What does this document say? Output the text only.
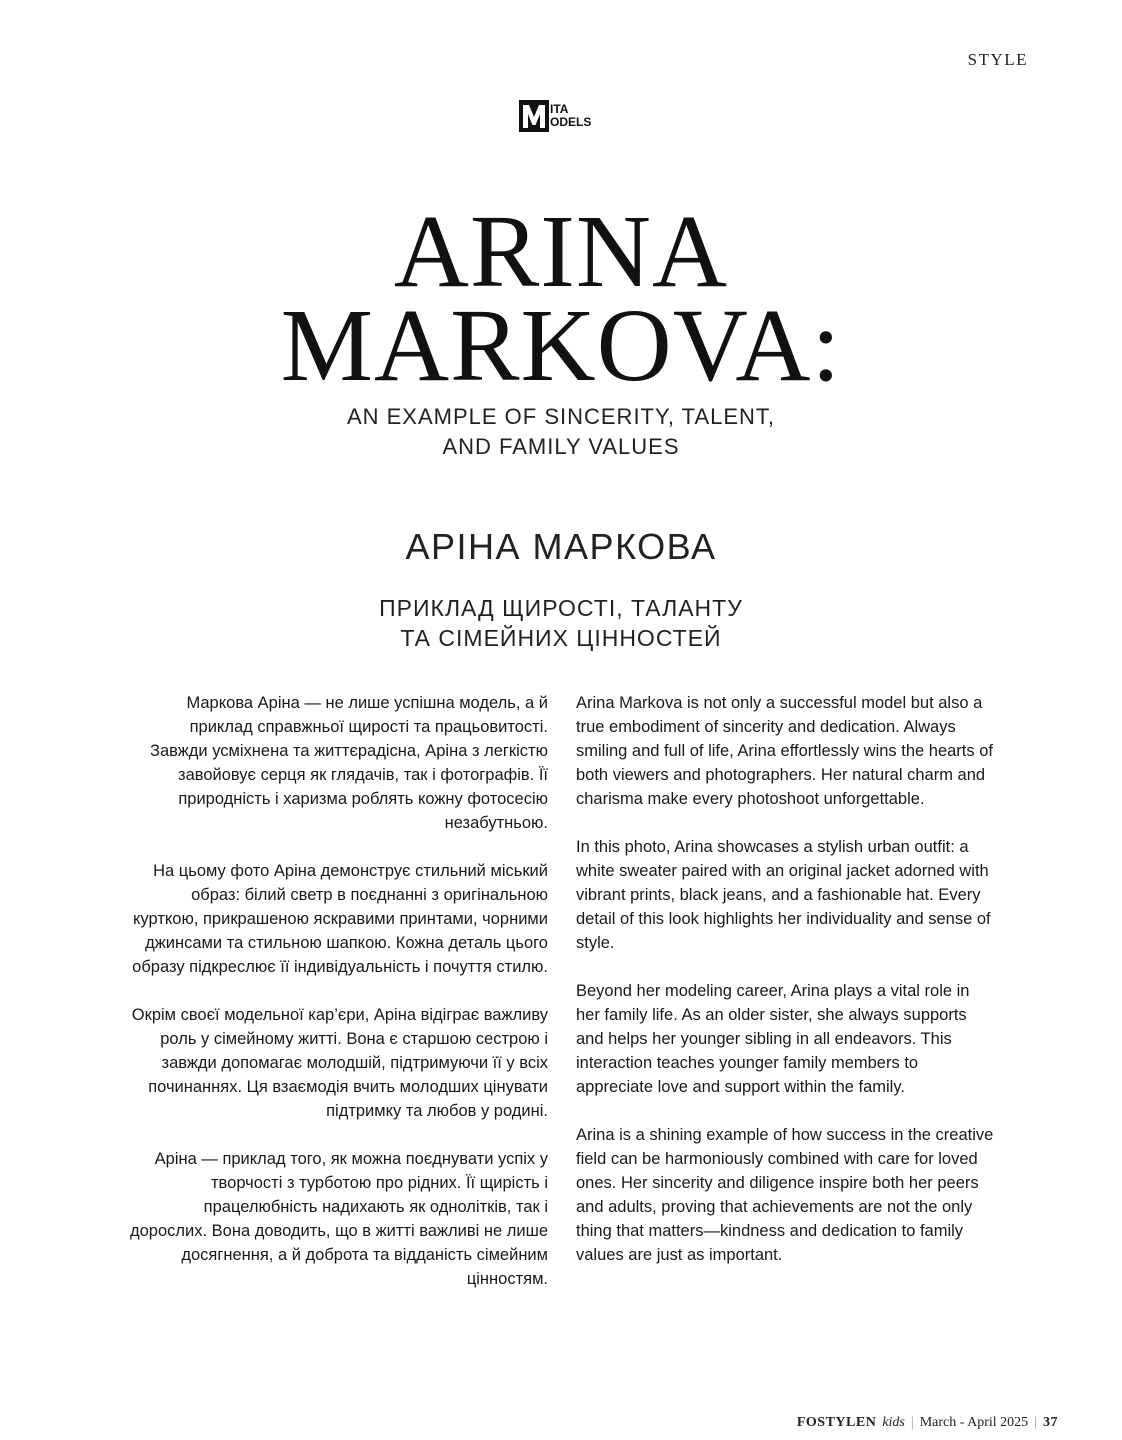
STYLE
ITA
ODELS
ARINA
MARKOVA:
AN EXAMPLE OF SINCERITY, TALENT,
AND FAMILY VALUES
АРІНА МАРКОВА
ПРИКЛАД ЩИРОСТІ, ТАЛАНТУ
ТА СІМЕЙНИХ ЦІННОСТЕЙ

Маркова Аріна — не лише успішна модель, а й приклад справжньої щирості та працьовитості. Завжди усміхнена та життєрадісна, Аріна з легкістю завойовує серця як глядачів, так і фотографів. Її природність і харизма роблять кожну фотосесію незабутньою.

На цьому фото Аріна демонструє стильний міський образ: білий светр в поєднанні з оригінальною курткою, прикрашеною яскравими принтами, чорними джинсами та стильною шапкою. Кожна деталь цього образу підкреслює її індивідуальність і почуття стилю.

Окрім своєї модельної кар’єри, Аріна відіграє важливу роль у сімейному житті. Вона є старшою сестрою і завжди допомагає молодшій, підтримуючи її у всіх починаннях. Ця взаємодія вчить молодших цінувати підтримку та любов у родині.

Аріна — приклад того, як можна поєднувати успіх у творчості з турботою про рідних. Її щирість і працелюбність надихають як однолітків, так і дорослих. Вона доводить, що в житті важливі не лише досягнення, а й доброта та відданість сімейним цінностям.

Arina Markova is not only a successful model but also a true embodiment of sincerity and dedication. Always smiling and full of life, Arina effortlessly wins the hearts of both viewers and photographers. Her natural charm and charisma make every photoshoot unforgettable.

In this photo, Arina showcases a stylish urban outfit: a white sweater paired with an original jacket adorned with vibrant prints, black jeans, and a fashionable hat. Every detail of this look highlights her individuality and sense of style.

Beyond her modeling career, Arina plays a vital role in her family life. As an older sister, she always supports and helps her younger sibling in all endeavors. This interaction teaches younger family members to appreciate love and support within the family.

Arina is a shining example of how success in the creative field can be harmoniously combined with care for loved ones. Her sincerity and diligence inspire both her peers and adults, proving that achievements are not the only thing that matters—kindness and dedication to family values are just as important.

FOSTYLEN kids | March - April 2025 | 37
